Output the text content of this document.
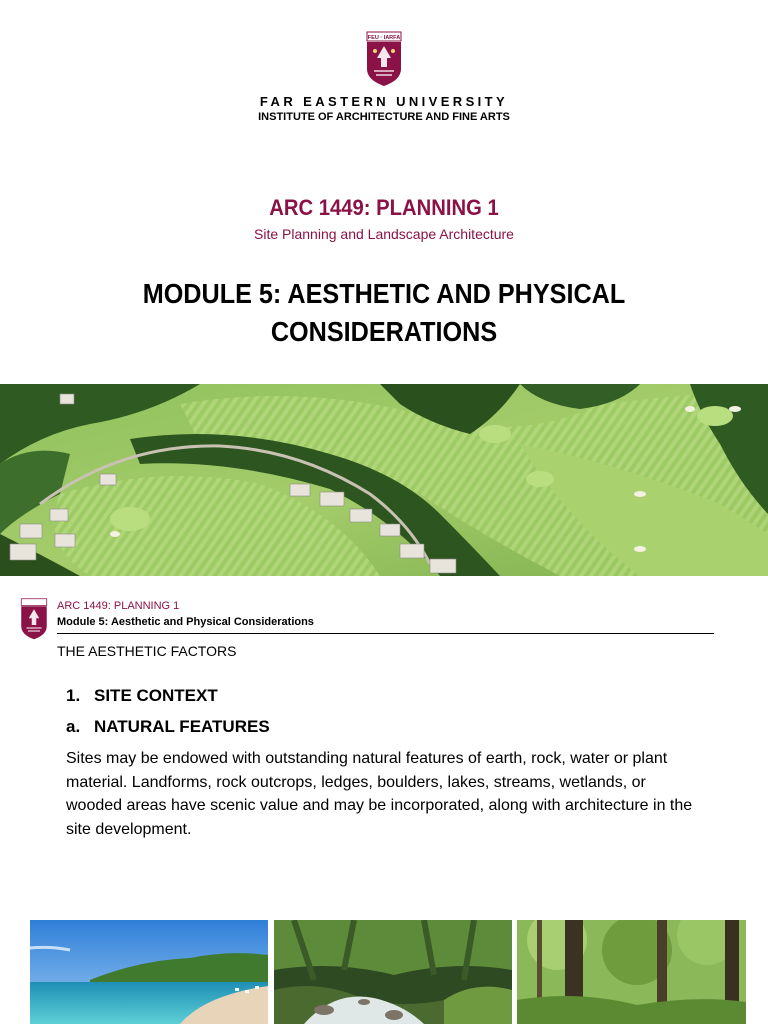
FEU · IARFA
FAR EASTERN UNIVERSITY
INSTITUTE OF ARCHITECTURE AND FINE ARTS
ARC 1449: PLANNING 1
Site Planning and Landscape Architecture
MODULE 5: AESTHETIC AND PHYSICAL
CONSIDERATIONS
ARC 1449: PLANNING 1
Module 5: Aesthetic and Physical Considerations
THE AESTHETIC FACTORS
1. SITE CONTEXT
a. NATURAL FEATURES
Sites may be endowed with outstanding natural features of earth, rock, water or plant material. Landforms, rock outcrops, ledges, boulders, lakes, streams, wetlands, or wooded areas have scenic value and may be incorporated, along with architecture in the site development.
